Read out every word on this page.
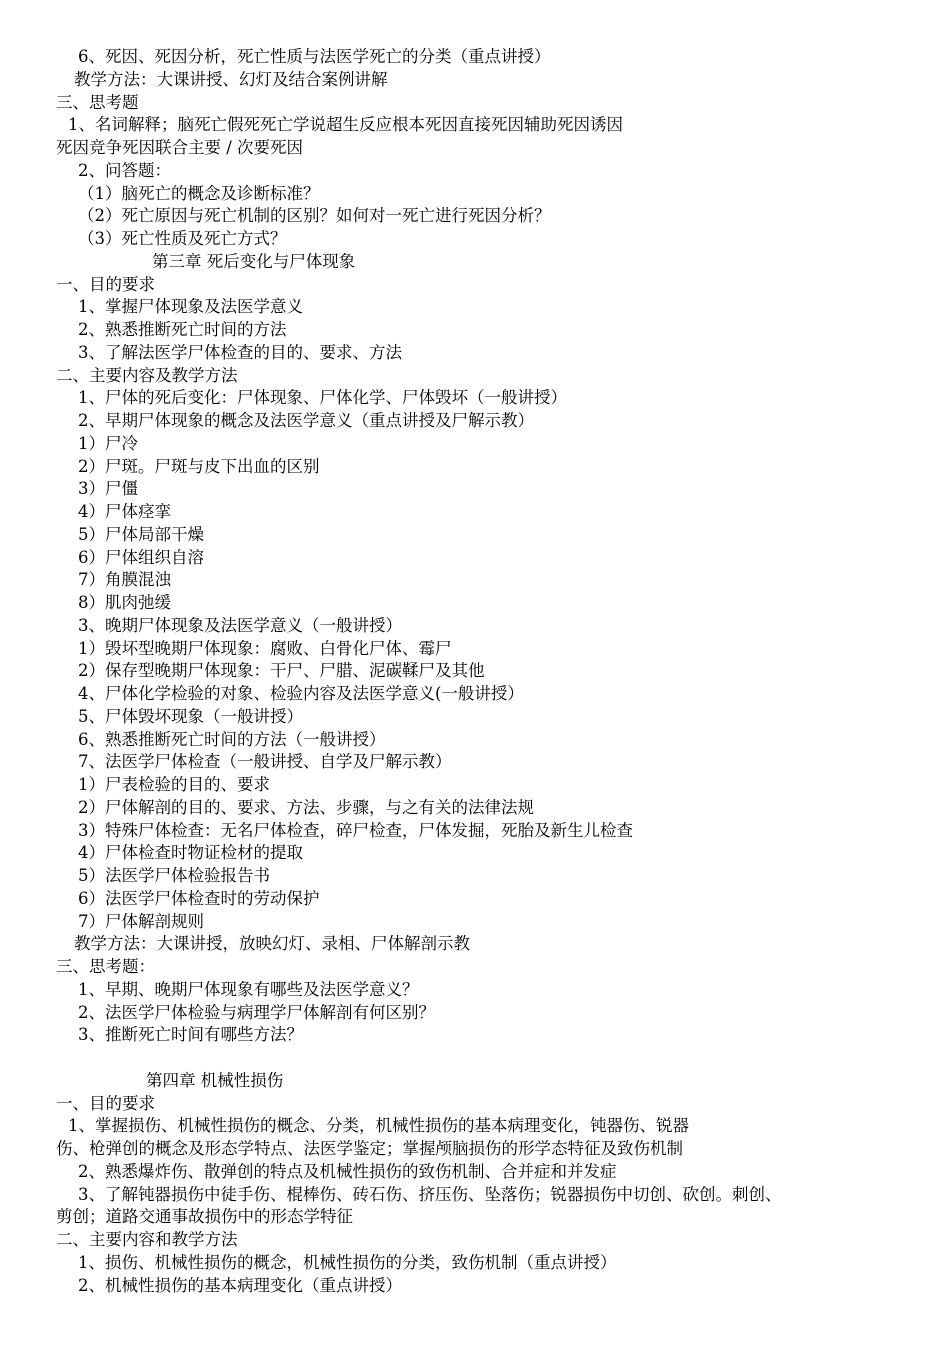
6、死因、死因分析，死亡性质与法医学死亡的分类（重点讲授）
教学方法：大课讲授、幻灯及结合案例讲解
三、思考题
1、名词解释；脑死亡假死死亡学说超生反应根本死因直接死因辅助死因诱因
死因竞争死因联合主要 / 次要死因
2、问答题：
（1）脑死亡的概念及诊断标准？
（2）死亡原因与死亡机制的区别？如何对一死亡进行死因分析？
（3）死亡性质及死亡方式？
第三章 死后变化与尸体现象
一、目的要求
1、掌握尸体现象及法医学意义
2、熟悉推断死亡时间的方法
3、了解法医学尸体检查的目的、要求、方法
二、主要内容及教学方法
1、尸体的死后变化：尸体现象、尸体化学、尸体毁坏（一般讲授）
2、早期尸体现象的概念及法医学意义（重点讲授及尸解示教）
1）尸冷
2）尸斑。尸斑与皮下出血的区别
3）尸僵
4）尸体痉挛
5）尸体局部干燥
6）尸体组织自溶
7）角膜混浊
8）肌肉弛缓
3、晚期尸体现象及法医学意义（一般讲授）
1）毁坏型晚期尸体现象：腐败、白骨化尸体、霉尸
2）保存型晚期尸体现象：干尸、尸腊、泥碳鞣尸及其他
4、尸体化学检验的对象、检验内容及法医学意义(一般讲授）
5、尸体毁坏现象（一般讲授）
6、熟悉推断死亡时间的方法（一般讲授）
7、法医学尸体检查（一般讲授、自学及尸解示教）
1）尸表检验的目的、要求
2）尸体解剖的目的、要求、方法、步骤，与之有关的法律法规
3）特殊尸体检查：无名尸体检查，碎尸检查，尸体发掘，死胎及新生儿检查
4）尸体检查时物证检材的提取
5）法医学尸体检验报告书
6）法医学尸体检查时的劳动保护
7）尸体解剖规则
教学方法：大课讲授，放映幻灯、录相、尸体解剖示教
三、思考题：
1、早期、晚期尸体现象有哪些及法医学意义？
2、法医学尸体检验与病理学尸体解剖有何区别？
3、推断死亡时间有哪些方法？
第四章 机械性损伤
一、目的要求
1、掌握损伤、机械性损伤的概念、分类，机械性损伤的基本病理变化，钝器伤、锐器
伤、枪弹创的概念及形态学特点、法医学鉴定；掌握颅脑损伤的形学态特征及致伤机制
2、熟悉爆炸伤、散弹创的特点及机械性损伤的致伤机制、合并症和并发症
3、了解钝器损伤中徒手伤、棍棒伤、砖石伤、挤压伤、坠落伤；锐器损伤中切创、砍创。刺创、
剪创；道路交通事故损伤中的形态学特征
二、主要内容和教学方法
1、损伤、机械性损伤的概念，机械性损伤的分类，致伤机制（重点讲授）
2、机械性损伤的基本病理变化（重点讲授）
